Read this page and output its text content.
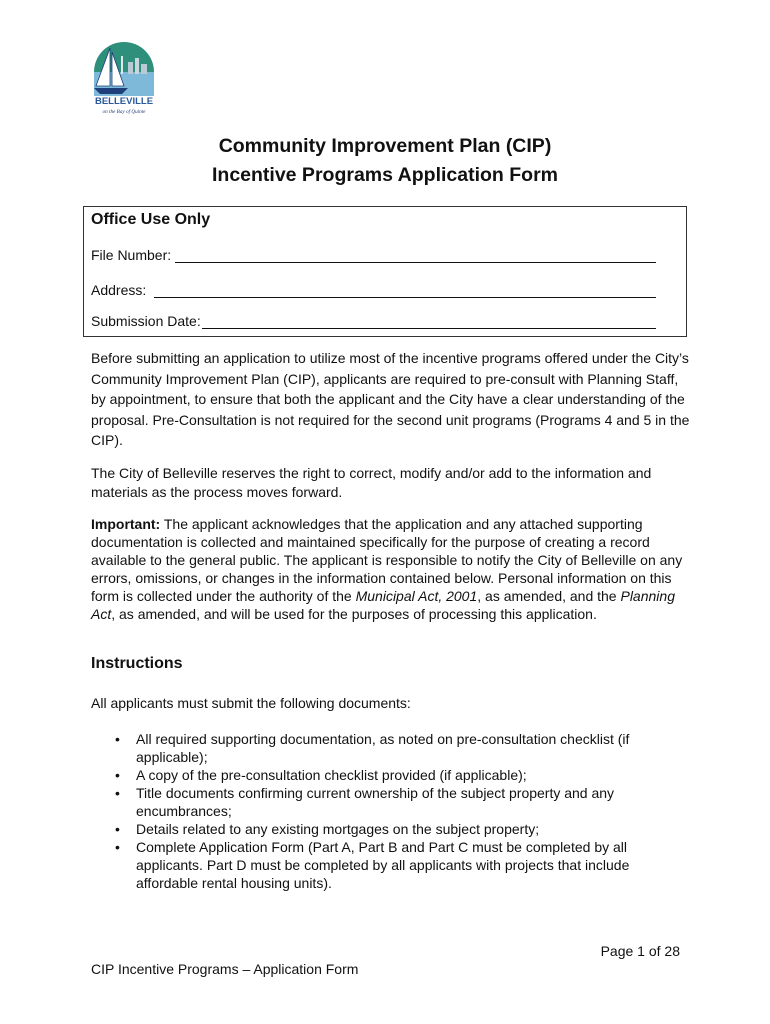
BELLEVILLE
on the Bay of Quinte
Community Improvement Plan (CIP)
Incentive Programs Application Form
Office Use Only
File Number:
Address:
Submission Date:

Before submitting an application to utilize most of the incentive programs offered under the City’s Community Improvement Plan (CIP), applicants are required to pre-consult with Planning Staff, by appointment, to ensure that both the applicant and the City have a clear understanding of the proposal. Pre-Consultation is not required for the second unit programs (Programs 4 and 5 in the CIP).

The City of Belleville reserves the right to correct, modify and/or add to the information and materials as the process moves forward.

Important: The applicant acknowledges that the application and any attached supporting documentation is collected and maintained specifically for the purpose of creating a record available to the general public. The applicant is responsible to notify the City of Belleville on any errors, omissions, or changes in the information contained below. Personal information on this form is collected under the authority of the Municipal Act, 2001, as amended, and the Planning Act, as amended, and will be used for the purposes of processing this application.

Instructions

All applicants must submit the following documents:

• All required supporting documentation, as noted on pre-consultation checklist (if applicable);
• A copy of the pre-consultation checklist provided (if applicable);
• Title documents confirming current ownership of the subject property and any encumbrances;
• Details related to any existing mortgages on the subject property;
• Complete Application Form (Part A, Part B and Part C must be completed by all applicants. Part D must be completed by all applicants with projects that include affordable rental housing units).
Page 1 of 28
CIP Incentive Programs – Application Form
